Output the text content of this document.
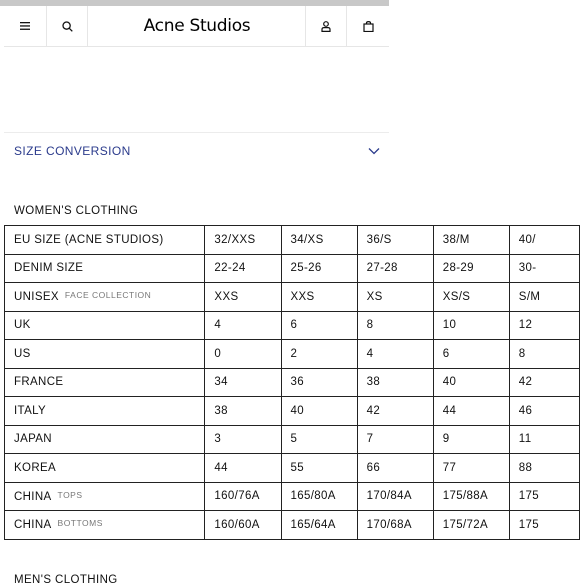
Acne Studios
SIZE CONVERSION
WOMEN'S CLOTHING
EU SIZE (ACNE STUDIOS)	32/XXS	34/XS	36/S	38/M	40/
DENIM SIZE	22-24	25-26	27-28	28-29	30-
UNISEX $^{FACE COLLECTION}$	XXS	XXS	XS	XS/S	S/M
UK	4	6	8	10	12
US	0	2	4	6	8
FRANCE	34	36	38	40	42
ITALY	38	40	42	44	46
JAPAN	3	5	7	9	11
KOREA	44	55	66	77	88
CHINA $^{TOPS}$	160/76A	165/80A	170/84A	175/88A	175
CHINA $^{BOTTOMS}$	160/60A	165/64A	170/68A	175/72A	175
MEN'S CLOTHING
